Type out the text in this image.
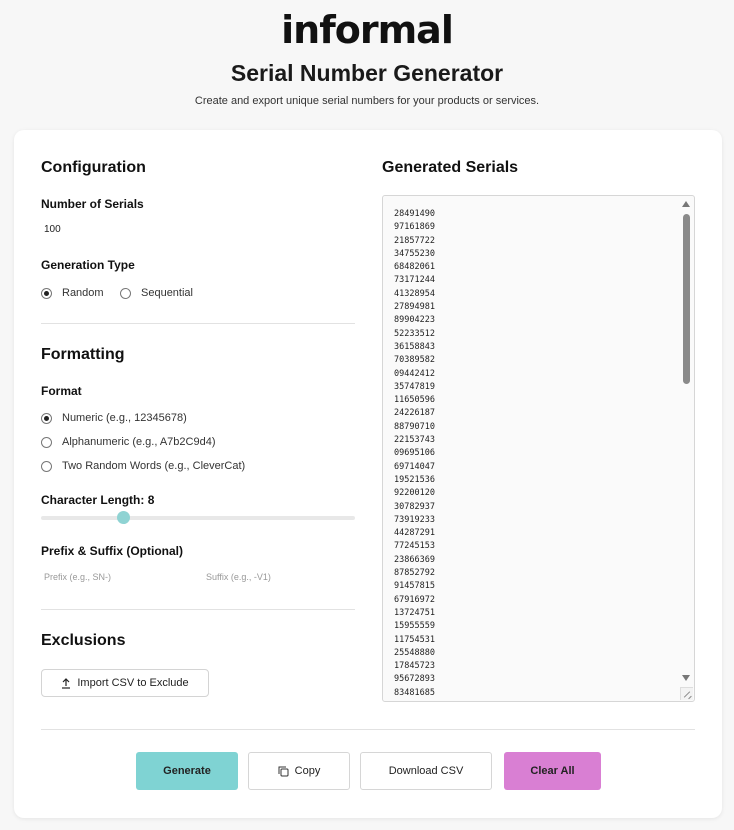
informal
Serial Number Generator
Create and export unique serial numbers for your products or services.
Configuration
Number of Serials
100
Generation Type
Random	Sequential
Formatting
Format
Numeric (e.g., 12345678)
Alphanumeric (e.g., A7b2C9d4)
Two Random Words (e.g., CleverCat)
Character Length: 8
Prefix & Suffix (Optional)
Prefix (e.g., SN-)	Suffix (e.g., -V1)
Exclusions
Import CSV to Exclude
Generated Serials
28491490
97161869
21857722
34755230
68482061
73171244
41328954
27894981
89904223
52233512
36158843
70389582
09442412
35747819
11650596
24226187
88790710
22153743
09695106
69714047
19521536
92200120
30782937
73919233
44287291
77245153
23866369
87852792
91457815
67916972
13724751
15955559
11754531
25548880
17845723
95672893
83481685
Generate	Copy	Download CSV	Clear All
